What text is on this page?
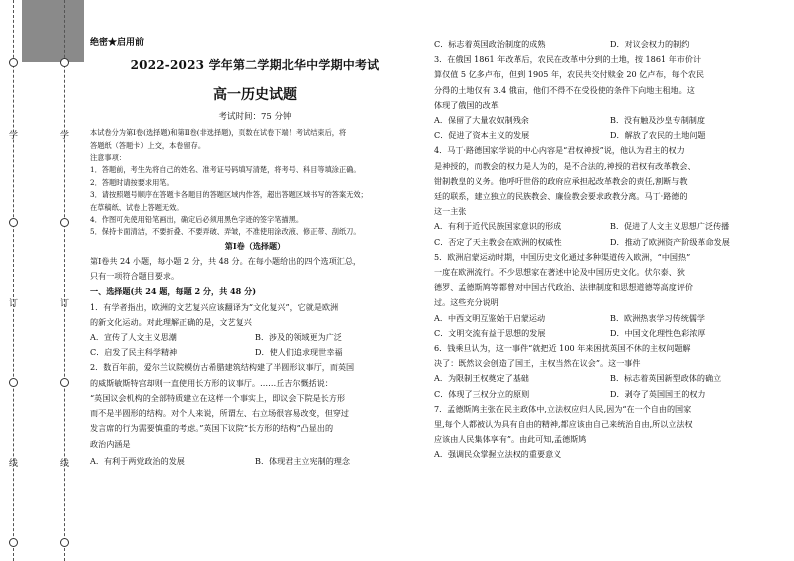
学	学
订	订
线	线

绝密★启用前

2022-2023 学年第二学期北华中学期中考试

高一历史试题

考试时间：75 分钟

本试卷分为第Ⅰ卷(选择题)和第Ⅱ卷(非选择题)，页数在试卷下端！考试结束后，将

答题纸（答题卡）上交，本卷留存。

注意事项：

1．答题前，考生先将自己的姓名、准考证号码填写清楚，将考号、科目等填涂正确。

2．答题时请按要求用笔。

3．请按照题号顺序在答题卡各题目的答题区域内作答，超出答题区域书写的答案无效；

在草稿纸、试卷上答题无效。

4．作图可先使用铅笔画出，确定后必须用黑色字迹的签字笔描黑。

5．保持卡面清洁，不要折叠、不要弄破、弄皱，不准使用涂改液、修正带、刮纸刀。

第Ⅰ卷（选择题）

第Ⅰ卷共 24 小题，每小题 2 分，共 48 分。在每小题给出的四个选项汇总，

只有一项符合题目要求。

一、选择题(共 24 题，每题 2 分，共 48 分)

1．有学者指出，欧洲的文艺复兴应该翻译为“文化复兴”，它就是欧洲

的新文化运动。对此理解正确的是，文艺复兴

A．宣传了人文主义思潮	B．涉及的领域更为广泛
C．启发了民主科学精神	D．使人们追求现世幸福

2．数百年前，爱尔兰议院模仿古希腊建筑结构建了半圆形议事厅，而英国

的威斯敏斯特宫却则一直使用长方形的议事厅。……丘吉尔慨括说：

“英国议会机构的全部特质建立在这样一个事实上，即议会下院是长方形

而不是半圆形的结构。对个人来说，所谓左、右立场很容易改变，但穿过

发言席的行为需要慎重的考虑。”英国下议院“长方形的结构”凸显出的

政治内涵是

A．有利于两党政治的发展	B．体现君主立宪制的理念
C．标志着英国政治制度的成熟	D．对议会权力的制约

3．在俄国 1861 年改革后，农民在改革中分到的土地，按 1861 年市价计

算仅值 5 亿多卢布，但到 1905 年，农民共交付赎金 20 亿卢布，每个农民

分得的土地仅有 3.4 俄亩，他们不得不在受役使的条件下向地主租地。这

体现了俄国的改革

A．保留了大量农奴制残余	B．没有触及沙皇专制制度
C．促进了资本主义的发展	D．解放了农民的土地问题

4．马丁·路德国家学说的中心内容是“君权神授”说，他认为君主的权力

是神授的，而教会的权力是人为的，是不合法的,神授的君权有改革教会、

钳制教皇的义务。他呼吁世俗的政府应承担起改革教会的责任,割断与教

廷的联系，建立独立的民族教会、廉俭教会要求政教分离。马丁·路德的

这一主张

A．有利于近代民族国家意识的形成	B．促进了人文主义思想广泛传播
C．否定了天主教会在欧洲的权威性	D．推动了欧洲资产阶级革命发展

5．欧洲启蒙运动时期，中国历史文化通过多种渠道传入欧洲，“中国热”

一度在欧洲流行。不少思想家在著述中论及中国历史文化。伏尔泰、狄

德罗、孟德斯鸠等都曾对中国古代政治、法律制度和思想道德等高度评价

过。这些充分说明

A．中西文明互鉴始于启蒙运动	B．欧洲热衷学习传统儒学
C．文明交流有益于思想的发展	D．中国文化理性色彩浓厚

6．钱乘旦认为，这一事件“就把近 100 年来困扰英国不休的主权问题解

决了：既然议会创造了国王，主权当然在议会”。这一事件

A．为限制王权奠定了基础	B．标志着英国新型政体的确立
C．体现了三权分立的原则	D．剥夺了英国国王的权力

7．孟德斯鸠主张在民主政体中,立法权应归人民,因为“在一个自由的国家

里,每个人都被认为具有自由的精神,都应该由自己来统治自由,所以立法权

应该由人民集体享有”。由此可知,孟德斯鸠

A．强调民众掌握立法权的重要意义
